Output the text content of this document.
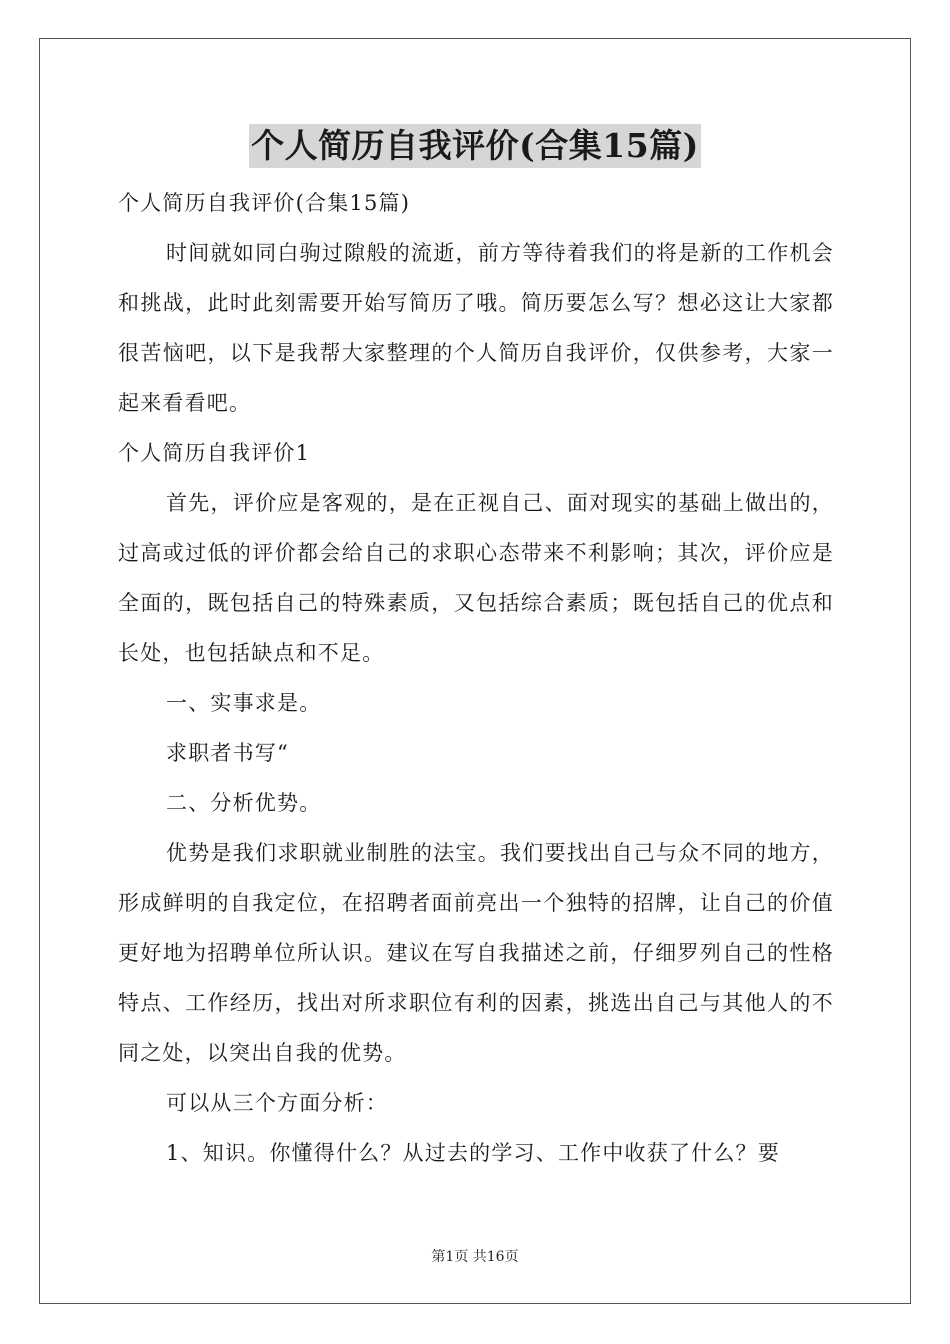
个人简历自我评价(合集15篇)
个人简历自我评价(合集15篇)
时间就如同白驹过隙般的流逝，前方等待着我们的将是新的工作机会和挑战，此时此刻需要开始写简历了哦。简历要怎么写？想必这让大家都很苦恼吧，以下是我帮大家整理的个人简历自我评价，仅供参考，大家一起来看看吧。
个人简历自我评价1
首先，评价应是客观的，是在正视自己、面对现实的基础上做出的，过高或过低的评价都会给自己的求职心态带来不利影响；其次，评价应是全面的，既包括自己的特殊素质，又包括综合素质；既包括自己的优点和长处，也包括缺点和不足。
一、实事求是。
求职者书写“
二、分析优势。
优势是我们求职就业制胜的法宝。我们要找出自己与众不同的地方，形成鲜明的自我定位，在招聘者面前亮出一个独特的招牌，让自己的价值更好地为招聘单位所认识。建议在写自我描述之前，仔细罗列自己的性格特点、工作经历，找出对所求职位有利的因素，挑选出自己与其他人的不同之处，以突出自我的优势。
可以从三个方面分析：
1、知识。你懂得什么？从过去的学习、工作中收获了什么？要
第1页 共16页
